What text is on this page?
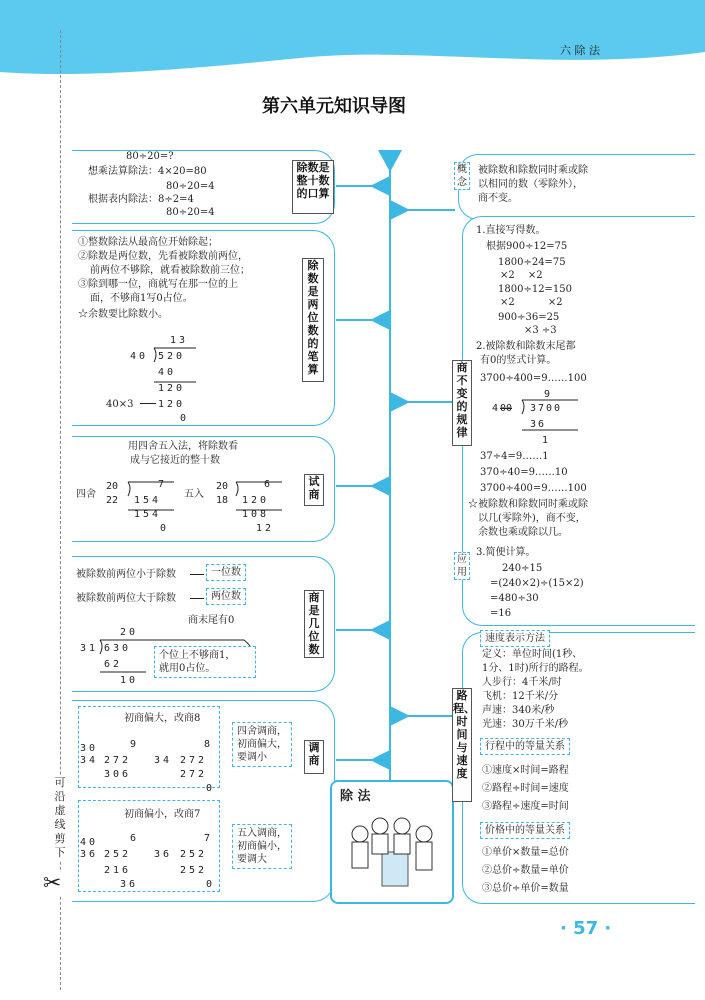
六 除 法
第六单元知识导图
可
沿
虚
线
剪
下
✂
除数是整十数的口算
80÷20=?
想乘法算除法：4×20=80
80÷20=4
根据表内除法：8÷2=4
80÷20=4
除数是两位数的笔算
①整数除法从最高位开始除起；
②除数是两位数，先看被除数前两位，
前两位不够除，就看被除数前三位；
③除到哪一位，商就写在那一位的上
面，不够商1写0占位。
☆余数要比除数小。
13
40 520
40
120
40×3 120
0
试商
用四舍五入法，将除数看
成与它接近的整十数
四舍
20
22
7
154
154
0
五入
20
18
6
120
108
12
商是几位数
被除数前两位小于除数	一位数
被除数前两位大于除数	两位数
商末尾有0
20
31 630
62
10
个位上不够商1，
就用0占位。
调商
初商偏大，改商8
9
30
34 272
306
8
34 272
272
0
四舍调商，
初商偏大，
要调小
初商偏小，改商7
6
40
36 252
216
36
7
36 252
252
0
五入调商，
初商偏小，
要调大
除 法
概念
被除数和除数同时乘或除
以相同的数（零除外），
商不变。
商不变的规律
1.直接写得数。
根据900÷12=75
1800÷24=75
×2　 ×2
1800÷12=150
×2　　　 ×2
900÷36=25
×3 ÷3
2.被除数和除数末尾都
有0的竖式计算。
3700÷400=9……100
9
4 00 3700
36
1
37÷4=9……1
370÷40=9……10
3700÷400=9……100
☆被除数和除数同时乘或除
以几(零除外)，商不变，
余数也乘或除以几。
应用
3.简便计算。
240÷15
=(240×2)÷(15×2)
=480÷30
=16
路程、时间与速度
速度表示方法
定义：单位时间(1秒、
1分、1时)所行的路程。
人步行：4千米/时
飞机：12千米/分
声速：340米/秒
光速：30万千米/秒
行程中的等量关系
①速度×时间=路程
②路程÷时间=速度
③路程÷速度=时间
价格中的等量关系
①单价×数量=总价
②总价÷数量=单价
③总价÷单价=数量
· 57 ·
